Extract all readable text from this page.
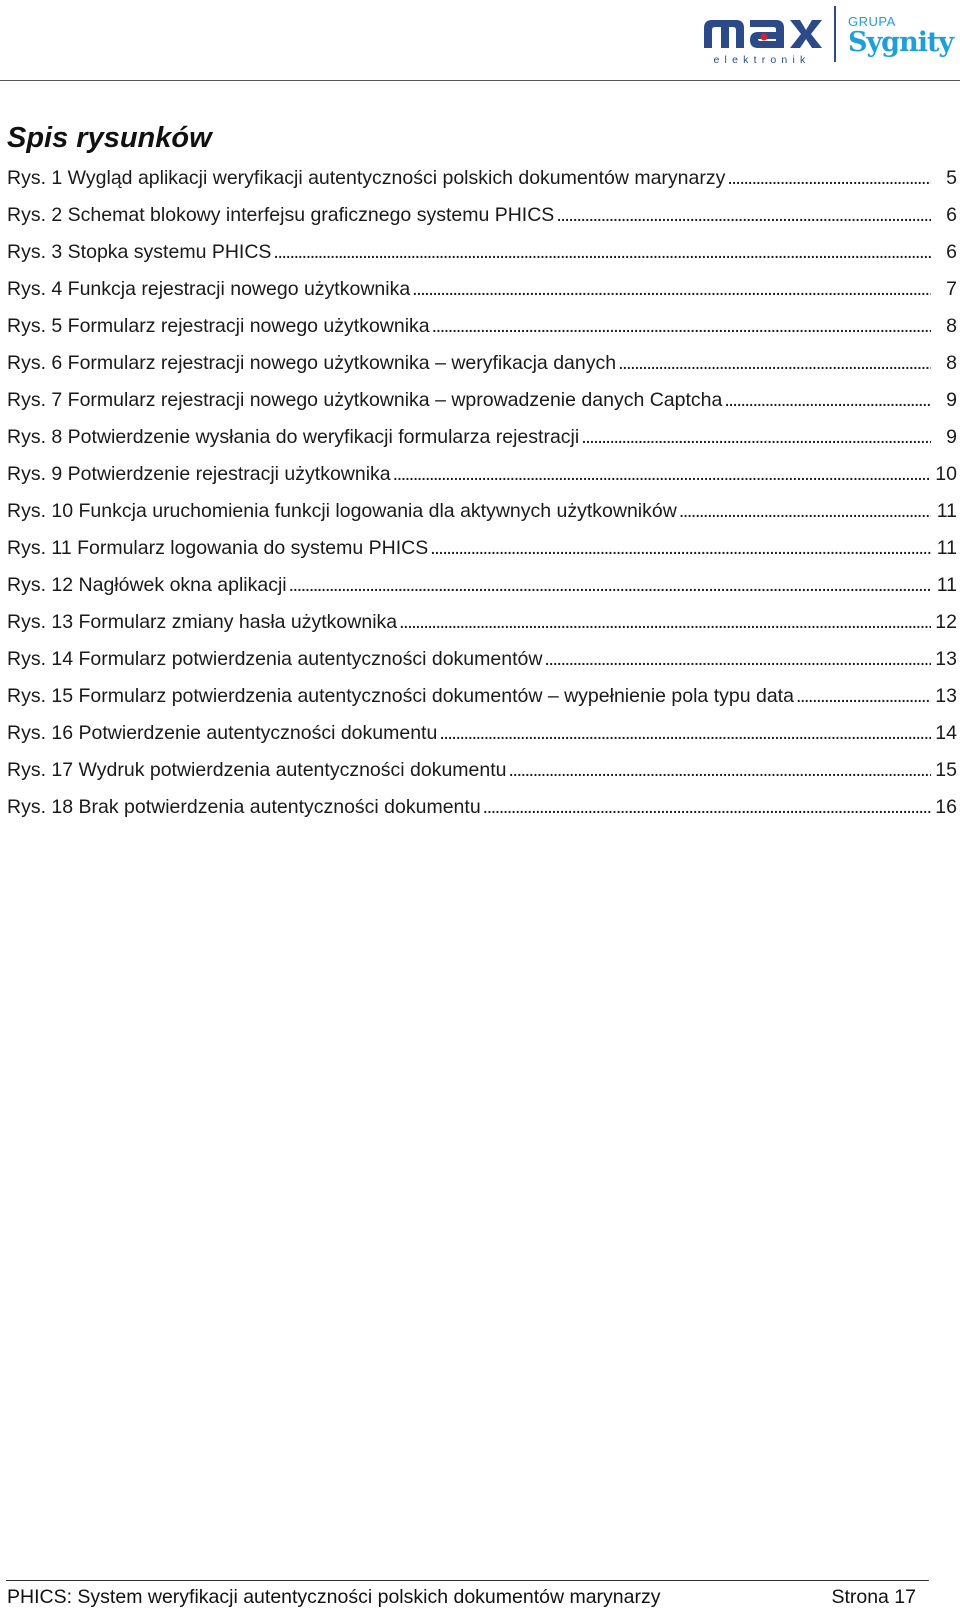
elektronik
GRUPA
Sygnity
Spis rysunków
Rys. 1 Wygląd aplikacji weryfikacji autentyczności polskich dokumentów marynarzy . . .	5
Rys. 2 Schemat blokowy interfejsu graficznego systemu PHICS . . .	6
Rys. 3 Stopka systemu PHICS . . .	6
Rys. 4 Funkcja rejestracji nowego użytkownika . . .	7
Rys. 5 Formularz rejestracji nowego użytkownika . . .	8
Rys. 6 Formularz rejestracji nowego użytkownika – weryfikacja danych . . .	8
Rys. 7 Formularz rejestracji nowego użytkownika – wprowadzenie danych Captcha . . .	9
Rys. 8 Potwierdzenie wysłania do weryfikacji formularza rejestracji . . .	9
Rys. 9 Potwierdzenie rejestracji użytkownika . . .	10
Rys. 10 Funkcja uruchomienia funkcji logowania dla aktywnych użytkowników . . .	11
Rys. 11 Formularz logowania do systemu PHICS . . .	11
Rys. 12 Nagłówek okna aplikacji . . .	11
Rys. 13 Formularz zmiany hasła użytkownika . . .	12
Rys. 14 Formularz potwierdzenia autentyczności dokumentów . . .	13
Rys. 15 Formularz potwierdzenia autentyczności dokumentów – wypełnienie pola typu data . . .	13
Rys. 16 Potwierdzenie autentyczności dokumentu . . .	14
Rys. 17 Wydruk potwierdzenia autentyczności dokumentu . . .	15
Rys. 18 Brak potwierdzenia autentyczności dokumentu . . .	16
PHICS: System weryfikacji autentyczności polskich dokumentów marynarzy	Strona 17
